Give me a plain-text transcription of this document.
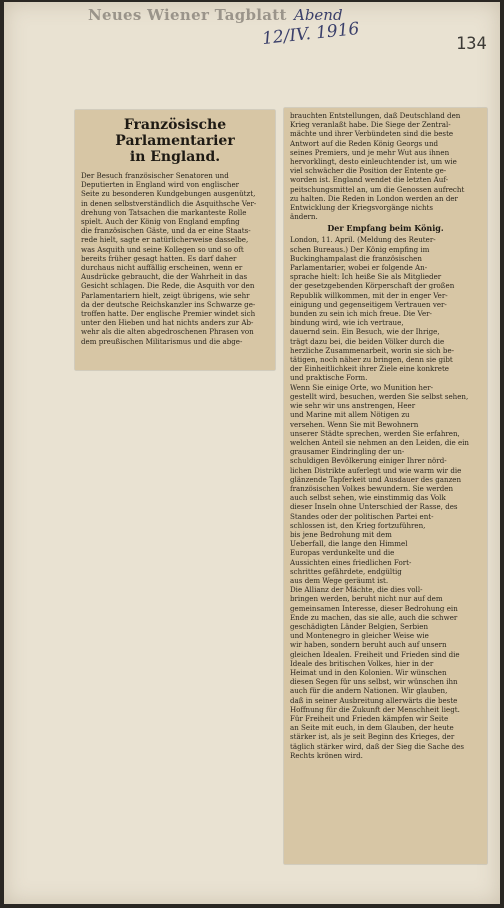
Neues Wiener Tagblatt Abend
12/IV. 1916	134
Französische Parlamentarier
in England.
Der Besuch französischer Senatoren und
Deputierten in England wird von englischer
Seite zu besonderen Kundgebungen ausgenützt,
in denen selbstverständlich die Asquithsche Ver-
drehung von Tatsachen die markanteste Rolle
spielt. Auch der König von England empfing
die französischen Gäste, und da er eine Staats-
rede hielt, sagte er natürlicherweise dasselbe,
was Asquith und seine Kollegen so und so oft
bereits früher gesagt hatten. Es darf daher
durchaus nicht auffällig erscheinen, wenn er
Ausdrücke gebraucht, die der Wahrheit in das
Gesicht schlagen. Die Rede, die Asquith vor den
Parlamentariern hielt, zeigt übrigens, wie sehr
da der deutsche Reichskanzler ins Schwarze ge-
troffen hatte. Der englische Premier windet sich
unter den Hieben und hat nichts anders zur Ab-
wehr als die alten abgedroschenen Phrasen von
dem preußischen Militarismus und die abge-
brauchten Entstellungen, daß Deutschland den
Krieg veranlaßt habe. Die Siege der Zentral-
mächte und ihrer Verbündeten sind die beste
Antwort auf die Reden König Georgs und
seines Premiers, und je mehr Wut aus ihnen
hervorklingt, desto einleuchtender ist, um wie
viel schwächer die Position der Entente ge-
worden ist. England wendet die letzten Auf-
peitschungsmittel an, um die Genossen aufrecht
zu halten. Die Reden in London werden an der
Entwicklung der Kriegsvorgänge nichts
ändern.
Der Empfang beim König.
London, 11. April. (Meldung des Reuter-
schen Bureaus.) Der König empfing im
Buckinghampalast die französischen
Parlamentarier, wobei er folgende An-
sprache hielt: Ich heiße Sie als Mitglieder
der gesetzgebenden Körperschaft der großen
Republik willkommen, mit der in enger Ver-
einigung und gegenseitigem Vertrauen ver-
bunden zu sein ich mich freue. Die Ver-
bindung wird, wie ich vertraue,
dauernd sein. Ein Besuch, wie der Ihrige,
trägt dazu bei, die beiden Völker durch die
herzliche Zusammenarbeit, worin sie sich be-
tätigen, noch näher zu bringen, denn sie gibt
der Einheitlichkeit ihrer Ziele eine konkrete
und praktische Form.
Wenn Sie einige Orte, wo Munition her-
gestellt wird, besuchen, werden Sie selbst sehen,
wie sehr wir uns anstrengen, Heer
und Marine mit allem Nötigen zu
versehen. Wenn Sie mit Bewohnern
unserer Städte sprechen, werden Sie erfahren,
welchen Anteil sie nehmen an den Leiden, die ein
grausamer Eindringling der un-
schuldigen Bevölkerung einiger Ihrer nörd-
lichen Distrikte auferlegt und wie warm wir die
glänzende Tapferkeit und Ausdauer des ganzen
französischen Volkes bewundern. Sie werden
auch selbst sehen, wie einstimmig das Volk
dieser Inseln ohne Unterschied der Rasse, des
Standes oder der politischen Partei ent-
schlossen ist, den Krieg fortzuführen,
bis jene Bedrohung mit dem
Ueberfall, die lange den Himmel
Europas verdunkelte und die
Aussichten eines friedlichen Fort-
schrittes gefährdete, endgültig
aus dem Wege geräumt ist.
Die Allianz der Mächte, die dies voll-
bringen werden, beruht nicht nur auf dem
gemeinsamen Interesse, dieser Bedrohung ein
Ende zu machen, das sie alle, auch die schwer
geschädigten Länder Belgien, Serbien
und Montenegro in gleicher Weise wie
wir haben, sondern beruht auch auf unsern
gleichen Idealen. Freiheit und Frieden sind die
Ideale des britischen Volkes, hier in der
Heimat und in den Kolonien. Wir wünschen
diesen Segen für uns selbst, wir wünschen ihn
auch für die andern Nationen. Wir glauben,
daß in seiner Ausbreitung allerwärts die beste
Hoffnung für die Zukunft der Menschheit liegt.
Für Freiheit und Frieden kämpfen wir Seite
an Seite mit euch, in dem Glauben, der heute
stärker ist, als je seit Beginn des Krieges, der
täglich stärker wird, daß der Sieg die Sache des
Rechts krönen wird.
